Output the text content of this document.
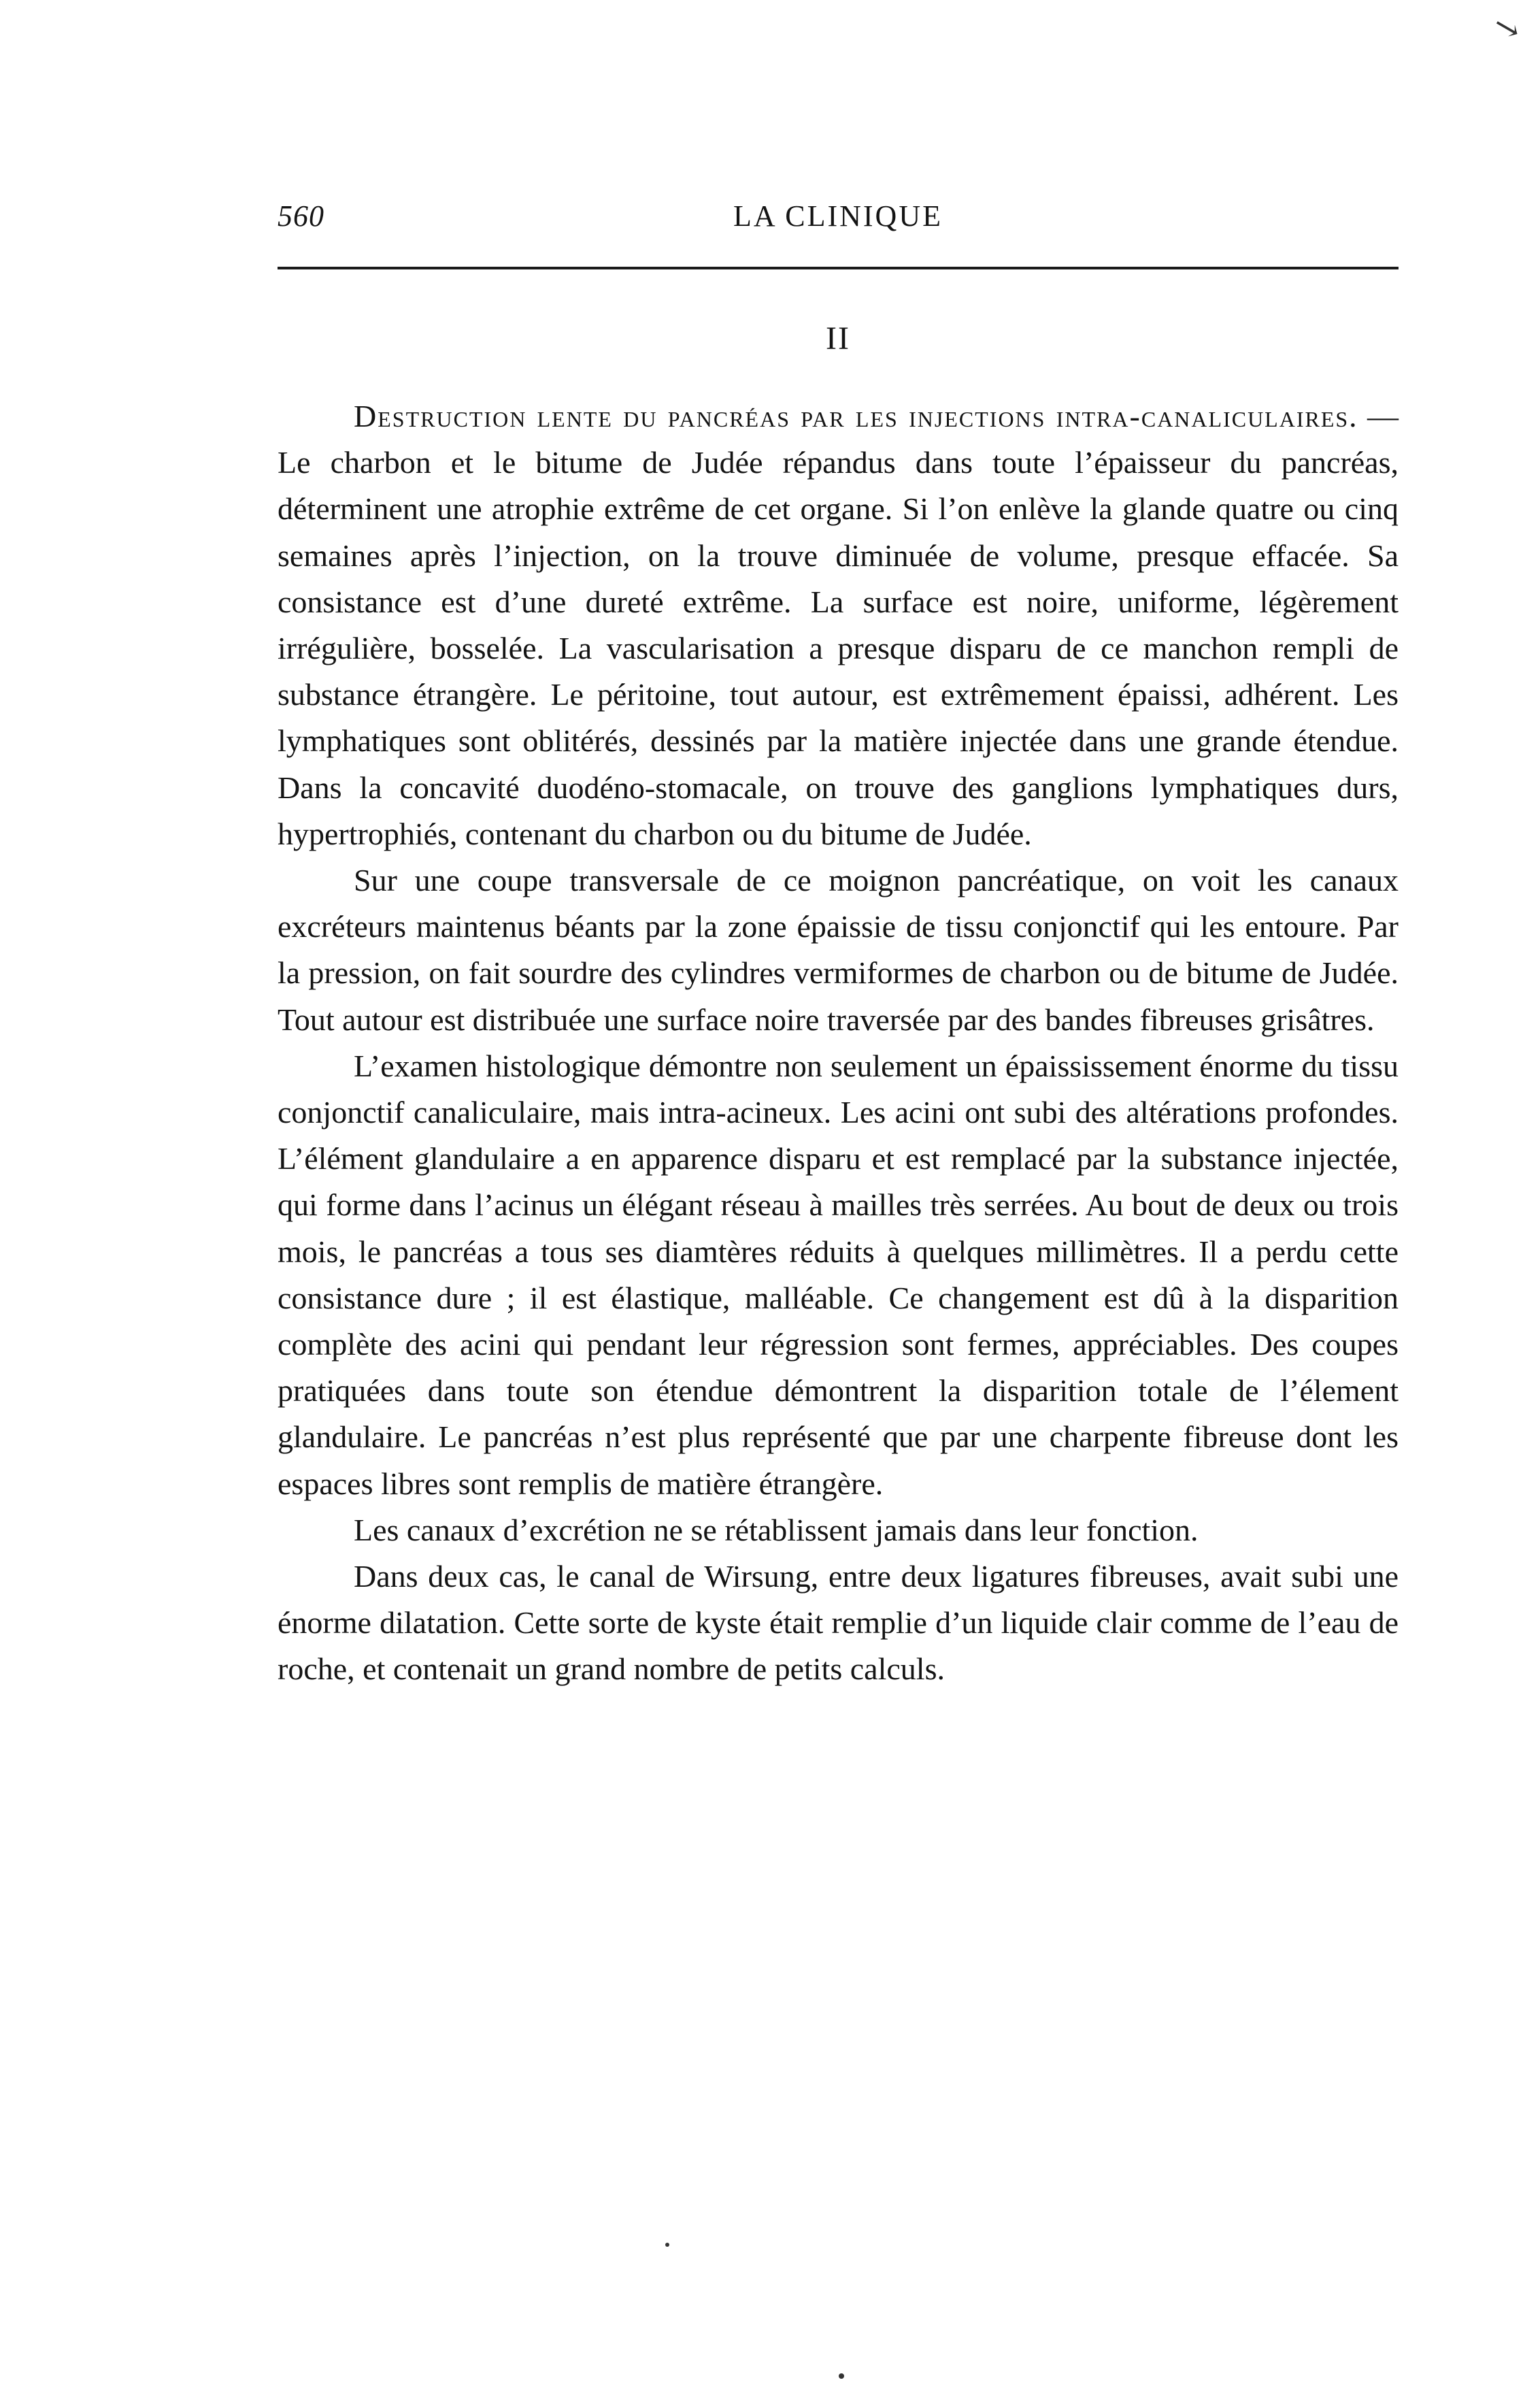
↘
560	LA CLINIQUE
II

Destruction lente du pancréas par les injections intra-canaliculaires. — Le charbon et le bitume de Judée répandus dans toute l’épaisseur du pancréas, déterminent une atrophie extrême de cet organe. Si l’on enlève la glande quatre ou cinq semaines après l’injection, on la trouve diminuée de volume, presque effacée. Sa consistance est d’une dureté extrême. La surface est noire, uniforme, légèrement irrégulière, bosselée. La vascularisation a presque disparu de ce manchon rempli de substance étrangère. Le péritoine, tout autour, est extrêmement épaissi, adhérent. Les lymphatiques sont oblitérés, dessinés par la matière injectée dans une grande étendue. Dans la concavité duodéno-stomacale, on trouve des ganglions lymphatiques durs, hypertrophiés, contenant du charbon ou du bitume de Judée.

Sur une coupe transversale de ce moignon pancréatique, on voit les canaux excréteurs maintenus béants par la zone épaissie de tissu conjonctif qui les entoure. Par la pression, on fait sourdre des cylindres vermiformes de charbon ou de bitume de Judée. Tout autour est distribuée une surface noire traversée par des bandes fibreuses grisâtres.

L’examen histologique démontre non seulement un épaississement énorme du tissu conjonctif canaliculaire, mais intra-acineux. Les acini ont subi des altérations profondes. L’élément glandulaire a en apparence disparu et est remplacé par la substance injectée, qui forme dans l’acinus un élégant réseau à mailles très serrées. Au bout de deux ou trois mois, le pancréas a tous ses diamtères réduits à quelques millimètres. Il a perdu cette consistance dure ; il est élastique, malléable. Ce changement est dû à la disparition complète des acini qui pendant leur régression sont fermes, appréciables. Des coupes pratiquées dans toute son étendue démontrent la disparition totale de l’élement glandulaire. Le pancréas n’est plus représenté que par une charpente fibreuse dont les espaces libres sont remplis de matière étrangère.

Les canaux d’excrétion ne se rétablissent jamais dans leur fonction.

Dans deux cas, le canal de Wirsung, entre deux ligatures fibreuses, avait subi une énorme dilatation. Cette sorte de kyste était remplie d’un liquide clair comme de l’eau de roche, et contenait un grand nombre de petits calculs.
